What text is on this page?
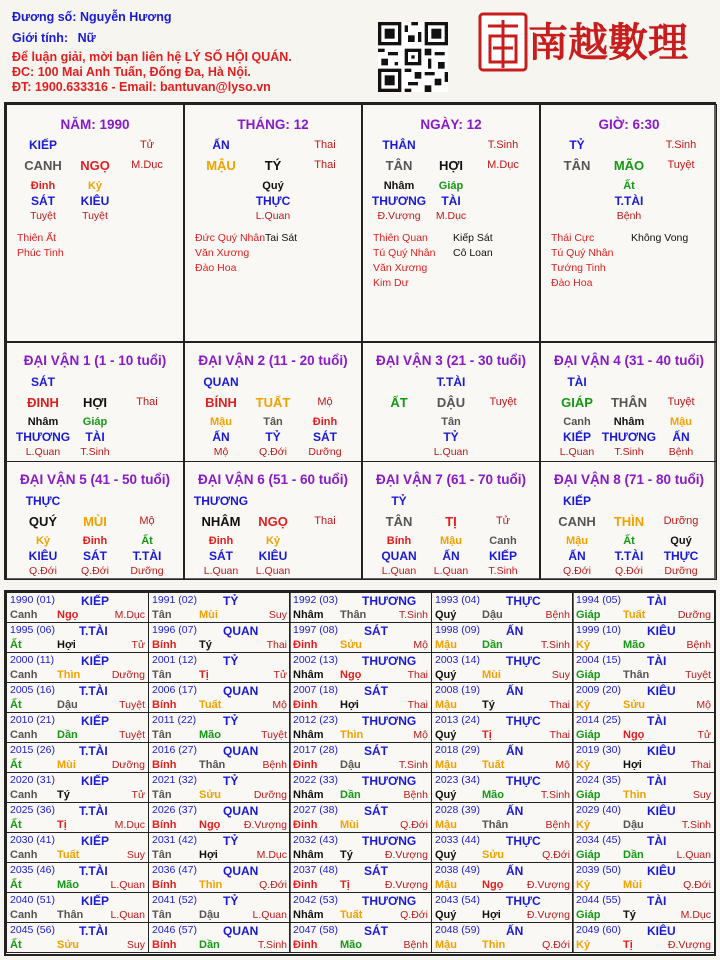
Đương số: Nguyễn Hương
Giới tính: Nữ
Để luận giải, mời bạn liên hệ LÝ SỐ HỘI QUÁN.
ĐC: 100 Mai Anh Tuấn, Đống Đa, Hà Nội.
ĐT: 1900.633316 - Email: bantuvan@lyso.vn
南越數理
NĂM: 1990
KIẾP	Tử
CANH NGỌ M.Dục
Đinh	Kỷ
SÁT KIÊU
Tuyệt Tuyệt
Thiên Ất
Phúc Tinh
THÁNG: 12
ẤN	Thai
MẬU TÝ	Thai
Quý
THỰC
L.Quan
Đức Quý Nhân Tai Sát
Văn Xương
Đào Hoa
NGÀY: 12
THÂN	T.Sinh
TÂN HỢI M.Dục
Nhâm Giáp
THƯƠNG TÀI
Đ.Vượng M.Dục
Thiên Quan Kiếp Sát
Tú Quý Nhân Cô Loan
Văn Xương
Kim Dư
GIỜ: 6:30
TỶ	T.Sinh
TÂN MÃO Tuyệt
Ất
T.TÀI
Bệnh
Thái Cực	Không Vong
Tú Quý Nhân
Tướng Tinh
Đào Hoa
ĐẠI VẬN 1 (1 - 10 tuổi)
SÁT
ĐINH HỢI	Thai
Nhâm
THƯƠNG
L.Quan
Giáp
TÀI
T.Sinh
ĐẠI VẬN 2 (11 - 20 tuổi)
QUAN
BÍNH TUẤT Mộ
Mậu
ẤN
Mộ
Tân
TỶ
Q.Đới
Đinh
SÁT
Dưỡng
ĐẠI VẬN 3 (21 - 30 tuổi)
T.TÀI
ẤT DẬU Tuyệt
Tân
TỶ
L.Quan
ĐẠI VẬN 4 (31 - 40 tuổi)
TÀI
GIÁP THÂN Tuyệt
Canh
KIẾP
L.Quan
Nhâm
THƯƠNG
T.Sinh
Mậu
ẤN
Bệnh
ĐẠI VẬN 5 (41 - 50 tuổi)
THỰC
QUÝ MÙI	Mộ
Kỷ
KIÊU
Q.Đới
Đinh
SÁT
Q.Đới
Ất
T.TÀI
Dưỡng
ĐẠI VẬN 6 (51 - 60 tuổi)
THƯƠNG
NHÂM NGỌ Thai
Đinh
SÁT
L.Quan
Kỷ
KIÊU
L.Quan
ĐẠI VẬN 7 (61 - 70 tuổi)
TỶ
TÂN	TỊ	Tử
Bính
QUAN
L.Quan
Mậu
ẤN
L.Quan
Canh
KIẾP
T.Sinh
ĐẠI VẬN 8 (71 - 80 tuổi)
KIẾP
CANH THÌN Dưỡng
Mậu
ẤN
Q.Đới
Ất
T.TÀI
Q.Đới
Quý
THỰC
Dưỡng
1990 (01) KIẾP
Canh Ngọ	M.Dục
1991 (02) TỶ
Tân Mùi	Suy
1992 (03) THƯƠNG
Nhâm Thân	T.Sinh
1993 (04) THỰC
Quý Dậu	Bệnh
1994 (05) TÀI
Giáp Tuất	Dưỡng
1995 (06) T.TÀI
Ất	Hợi	Tử
1996 (07) QUAN
Bính Tý	Thai
1997 (08) SÁT
Đinh Sửu	Mộ
1998 (09) ẤN
Mậu Dần	T.Sinh
1999 (10) KIÊU
Kỷ	Mão	Bệnh
2000 (11) KIẾP
Canh Thìn	Dưỡng
2001 (12) TỶ
Tân Tị	Tử
2002 (13) THƯƠNG
Nhâm Ngọ	Thai
2003 (14) THỰC
Quý Mùi	Suy
2004 (15) TÀI
Giáp Thân	Tuyệt
2005 (16) T.TÀI
Ất	Dậu	Tuyệt
2006 (17) QUAN
Bính Tuất	Mộ
2007 (18) SÁT
Đinh Hợi	Thai
2008 (19) ẤN
Mậu Tý	Thai
2009 (20) KIÊU
Kỷ	Sửu	Mộ
2010 (21) KIẾP
Canh Dần	Tuyệt
2011 (22) TỶ
Tân Mão	Tuyệt
2012 (23) THƯƠNG
Nhâm Thìn	Mộ
2013 (24) THỰC
Quý Tị	Thai
2014 (25) TÀI
Giáp Ngọ	Tử
2015 (26) T.TÀI
Ất	Mùi	Dưỡng
2016 (27) QUAN
Bính Thân	Bệnh
2017 (28) SÁT
Đinh Dậu	T.Sinh
2018 (29) ẤN
Mậu Tuất	Mộ
2019 (30) KIÊU
Kỷ	Hợi	Thai
2020 (31) KIẾP
Canh Tý	Tử
2021 (32) TỶ
Tân Sửu	Dưỡng
2022 (33) THƯƠNG
Nhâm Dần	Bệnh
2023 (34) THỰC
Quý Mão	T.Sinh
2024 (35) TÀI
Giáp Thìn	Suy
2025 (36) T.TÀI
Ất	Tị	M.Dục
2026 (37) QUAN
Bính Ngọ Đ.Vượng
2027 (38) SÁT
Đinh Mùi	Q.Đới
2028 (39) ẤN
Mậu Thân	Bệnh
2029 (40) KIÊU
Kỷ	Dậu	T.Sinh
2030 (41) KIẾP
Canh Tuất	Suy
2031 (42) TỶ
Tân Hợi	M.Dục
2032 (43) THƯƠNG
Nhâm Tý	Đ.Vượng
2033 (44) THỰC
Quý Sửu	Q.Đới
2034 (45) TÀI
Giáp Dần	L.Quan
2035 (46) T.TÀI
Ất	Mão	L.Quan
2036 (47) QUAN
Bính Thìn	Q.Đới
2037 (48) SÁT
Đinh Tị	Đ.Vượng
2038 (49) ẤN
Mậu Ngọ Đ.Vượng
2039 (50) KIÊU
Kỷ	Mùi	Q.Đới
2040 (51) KIẾP
Canh Thân	L.Quan
2041 (52) TỶ
Tân Dậu	L.Quan
2042 (53) THƯƠNG
Nhâm Tuất	Q.Đới
2043 (54) THỰC
Quý Hợi Đ.Vượng
2044 (55) TÀI
Giáp Tý	M.Dục
2045 (56) T.TÀI
Ất	Sửu	Suy
2046 (57) QUAN
Bính Dần	T.Sinh
2047 (58) SÁT
Đinh Mão	Bệnh
2048 (59) ẤN
Mậu Thìn	Q.Đới
2049 (60) KIÊU
Kỷ	Tị	Đ.Vượng
